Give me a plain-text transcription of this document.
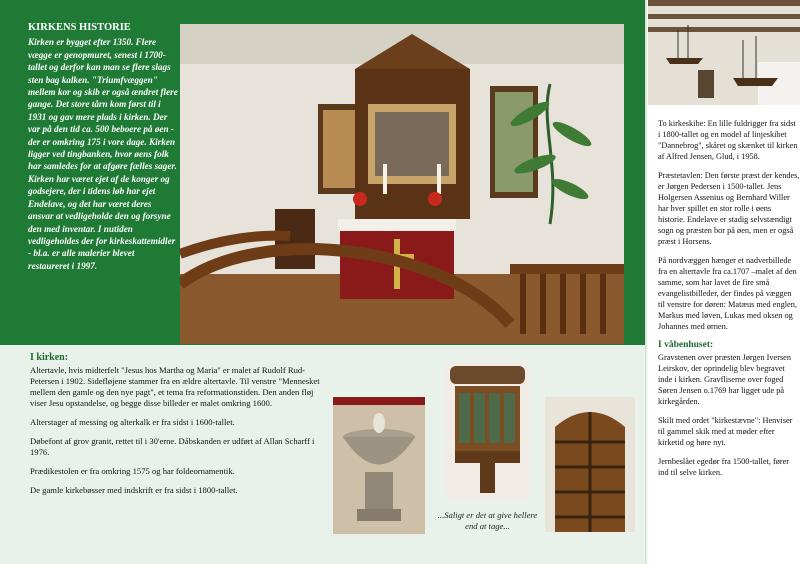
KIRKENS HISTORIE

Kirken er bygget efter 1350. Flere vægge er genopmuret, senest i 1700-tallet og derfor kan man se flere slags sten bag kalken. "Triumfvæggen" mellem kor og skib er også ændret flere gange. Det store tårn kom først til i 1931 og gav mere plads i kirken. Der var på den tid ca. 500 beboere på øen - der er omkring 175 i vore dage. Kirken ligger ved tingbanken, hvor øens folk har samledes for at afgøre fælles sager. Kirken har været ejet af de konger og godsejere, der i tidens løb har ejet Endelave, og det har været deres ansvar at vedligeholde den og forsyne den med inventar. I nutiden vedligeholdes der for kirkeskattemidler - bl.a. er alle malerier blevet restaureret i 1997.

I kirken:

Altertavle, hvis midterfelt "Jesus hos Martha og Maria" er malet af Rudolf Rud-Petersen i 1902. Sidefløjene stammer fra en ældre altertavle. Til venstre "Mennesket mellem den gamle og den nye pagt", et tema fra reformationstiden. Den anden fløj viser Jesu opstandelse, og begge disse billeder er malet omkring 1600.

Alterstager af messing og alterkalk er fra sidst i 1600-tallet.

Døbefont af grov granit, rettet til i 30'erne. Dåbskanden er udført af Allan Scharff i 1976.

Prædikestolen er fra omkring 1575 og har foldeornamentik.

De gamle kirkebøsser med indskrift er fra sidst i 1800-tallet.

...Saligt er det at give hellere end at tage...

To kirkeskibe: En lille fuldrigger fra sidst i 1800-tallet og en model af linjeskibet "Dannebrog", skåret og skænket til kirken af Alfred Jensen, Glud, i 1958.

Præstetavlen: Den første præst der kendes, er Jørgen Pedersen i 1500-tallet. Jens Holgersen Assenius og Bernhard Willer har hver spillet en stor rolle i øens historie. Endelave er stadig selvstændigt sogn og præsten bor på øen, men er også præst i Horsens.

På nordvæggen hænger et nadverbillede fra en altertavle fra ca.1707 –malet af den samme, som har lavet de fire små evangelistbilleder, der findes på væggen til venstre for døren: Matæus med englen, Markus med løven, Lukas med oksen og Johannes med ørnen.

I våbenhuset:

Gravstenen over præsten Jørgen Iversen Leirskov, der oprindelig blev begravet inde i kirken. Gravfliserne over foged Søren Jensen o.1769 har ligget ude på kirkegården.

Skilt med ordet "kirkestævne": Henviser til gammel skik med at møder efter kirketid og høre nyt.

Jernbeslået egedør fra 1500-tallet, fører ind til selve kirken.
